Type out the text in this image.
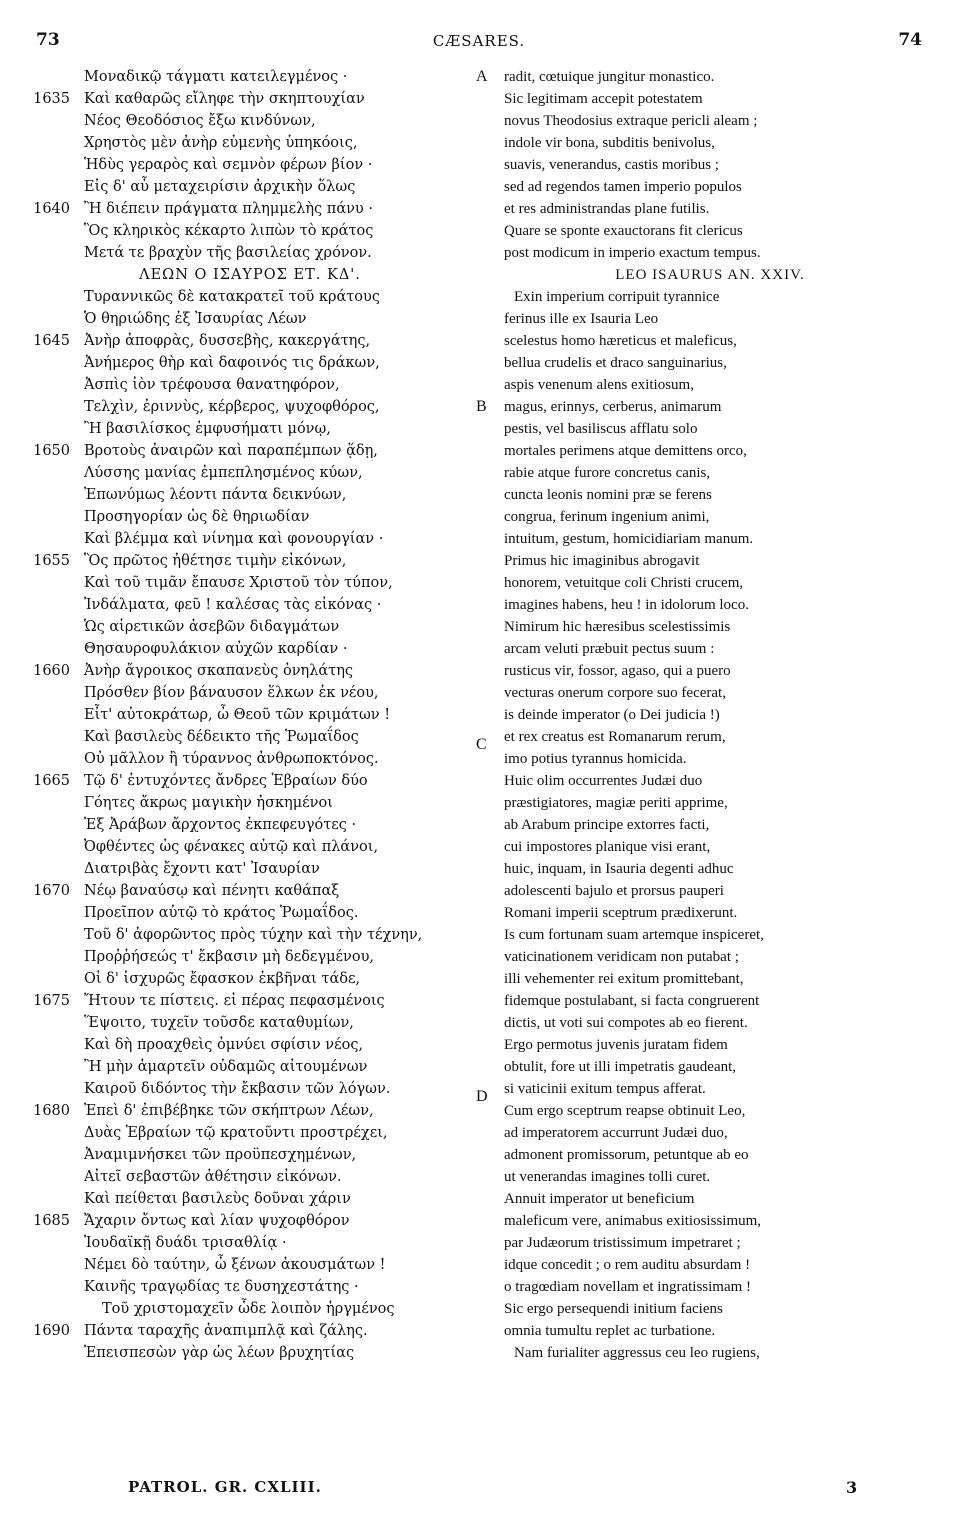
73	CÆSARES.	74
Μοναδικῷ τάγματι κατειλεγμένος ·
1635 Καὶ καθαρῶς εἴληφε τὴν σκηπτουχίαν
Νέος Θεοδόσιος ἔξω κινδύνων,
Χρηστὸς μὲν ἀνὴρ εὐμενὴς ὑπηκόοις,
Ἡδὺς γεραρὸς καὶ σεμνὸν φέρων βίον ·
Εἰς δ' αὖ μεταχειρίσιν ἀρχικὴν ὅλως
1640 Ἢ διέπειν πράγματα πλημμελὴς πάνυ ·
Ὃς κληρικὸς κέκαρτο λιπὼν τὸ κράτος
Μετά τε βραχὺν τῆς βασιλείας χρόνον.
ΛΕΩΝ Ο ΙΣΑΥΡΟΣ ΕΤ. ΚΔ'.
Τυραννικῶς δὲ κατακρατεῖ τοῦ κράτους
Ὁ θηριώδης ἐξ Ἰσαυρίας Λέων
1645 Ἀνὴρ ἀποφρὰς, δυσσεβὴς, κακεργάτης,
Ἀνήμερος θὴρ καὶ δαφοινός τις δράκων,
Ἀσπὶς ἰὸν τρέφουσα θανατηφόρον,
Τελχὶν, ἐριννὺς, κέρβερος, ψυχοφθόρος,
Ἢ βασιλίσκος ἐμφυσήματι μόνῳ,
1650 Βροτοὺς ἀναιρῶν καὶ παραπέμπων ᾅδῃ,
Λύσσης μανίας ἐμπεπλησμένος κύων,
Ἐπωνύμως λέοντι πάντα δεικνύων,
Προσηγορίαν ὡς δὲ θηριωδίαν
Καὶ βλέμμα καὶ νίνημα καὶ φονουργίαν ·
1655 Ὃς πρῶτος ἠθέτησε τιμὴν εἰκόνων,
Καὶ τοῦ τιμᾶν ἔπαυσε Χριστοῦ τὸν τύπον,
Ἰνδάλματα, φεῦ ! καλέσας τὰς εἰκόνας ·
Ὡς αἱρετικῶν ἀσεβῶν διδαγμάτων
Θησαυροφυλάκιον αὐχῶν καρδίαν ·
1660 Ἀνὴρ ἄγροικος σκαπανεὺς ὀνηλάτης
Πρόσθεν βίον βάναυσον ἕλκων ἐκ νέου,
Εἶτ' αὐτοκράτωρ, ὦ Θεοῦ τῶν κριμάτων !
Καὶ βασιλεὺς δέδεικτο τῆς Ῥωμαΐδος
Οὐ μᾶλλον ἢ τύραννος ἀνθρωποκτόνος.
1665 Τῷ δ' ἐντυχόντες ἄνδρες Ἑβραίων δύο
Γόητες ἄκρως μαγικὴν ἠσκημένοι
Ἐξ Ἀράβων ἄρχοντος ἐκπεφευγότες ·
Ὀφθέντες ὡς φένακες αὐτῷ καὶ πλάνοι,
Διατριβὰς ἔχοντι κατ' Ἰσαυρίαν
1670 Νέῳ βαναύσῳ καὶ πένητι καθάπαξ
Προεῖπον αὐτῷ τὸ κράτος Ῥωμαΐδος.
Τοῦ δ' ἀφορῶντος πρὸς τύχην καὶ τὴν τέχνην,
Προῤῥήσεώς τ' ἔκβασιν μὴ δεδεγμένου,
Οἱ δ' ἰσχυρῶς ἔφασκον ἐκβῆναι τάδε,
1675 Ἤτουν τε πίστεις. εἰ πέρας πεφασμένοις
Ἕψοιτο, τυχεῖν τοῦσδε καταθυμίων,
Καὶ δὴ προαχθεὶς ὀμνύει σφίσιν νέος,
Ἢ μὴν ἁμαρτεῖν οὐδαμῶς αἰτουμένων
Καιροῦ διδόντος τὴν ἔκβασιν τῶν λόγων.
1680 Ἐπεὶ δ' ἐπιβέβηκε τῶν σκήπτρων Λέων,
Δυὰς Ἑβραίων τῷ κρατοῦντι προστρέχει,
Ἀναμιμνήσκει τῶν προϋπεσχημένων,
Αἰτεῖ σεβαστῶν ἀθέτησιν εἰκόνων.
Καὶ πείθεται βασιλεὺς δοῦναι χάριν
1685 Ἄχαριν ὄντως καὶ λίαν ψυχοφθόρον
Ἰουδαϊκῇ δυάδι τρισαθλίᾳ ·
Νέμει δὸ ταύτην, ὦ ξένων ἀκουσμάτων !
Καινῆς τραγῳδίας τε δυσηχεστάτης ·
Τοῦ χριστομαχεῖν ὧδε λοιπὸν ἠργμένος
1690 Πάντα ταραχῆς ἀναπιμπλᾷ καὶ ζάλης.
Ἐπεισπεσὼν γὰρ ὡς λέων βρυχητίας
A radit, cœtuique jungitur monastico.
Sic legitimam accepit potestatem
novus Theodosius extraque pericli aleam ;
indole vir bona, subditis benivolus,
suavis, venerandus, castis moribus ;
sed ad regendos tamen imperio populos
et res administrandas plane futilis.
Quare se sponte exauctorans fit clericus
post modicum in imperio exactum tempus.
LEO ISAURUS AN. XXIV.
Exin imperium corripuit tyrannice
ferinus ille ex Isauria Leo
scelestus homo hæreticus et maleficus,
bellua crudelis et draco sanguinarius,
aspis venenum alens exitiosum,
B magus, erinnys, cerberus, animarum
pestis, vel basiliscus afflatu solo
mortales perimens atque demittens orco,
rabie atque furore concretus canis,
cuncta leonis nomini præ se ferens
congrua, ferinum ingenium animi,
intuitum, gestum, homicidiariam manum.
Primus hic imaginibus abrogavit
honorem, vetuitque coli Christi crucem,
imagines habens, heu ! in idolorum loco.
Nimirum hic hæresibus scelestissimis
arcam veluti præbuit pectus suum :
rusticus vir, fossor, agaso, qui a puero
vecturas onerum corpore suo fecerat,
is deinde imperator (o Dei judicia !)
C et rex creatus est Romanarum rerum,
imo potius tyrannus homicida.
Huic olim occurrentes Judæi duo
præstigiatores, magiæ periti apprime,
ab Arabum principe extorres facti,
cui impostores planique visi erant,
huic, inquam, in Isauria degenti adhuc
adolescenti bajulo et prorsus pauperi
Romani imperii sceptrum prædixerunt.
Is cum fortunam suam artemque inspiceret,
vaticinationem veridicam non putabat ;
illi vehementer rei exitum promittebant,
fidemque postulabant, si facta congruerent
dictis, ut voti sui compotes ab eo fierent.
Ergo permotus juvenis juratam fidem
obtulit, fore ut illi impetratis gaudeant,
D si vaticinii exitum tempus afferat.
Cum ergo sceptrum reapse obtinuit Leo,
ad imperatorem accurrunt Judæi duo,
admonent promissorum, petuntque ab eo
ut venerandas imagines tolli curet.
Annuit imperator ut beneficium
maleficum vere, animabus exitiosissimum,
par Judæorum tristissimum impetraret ;
idque concedit ; o rem auditu absurdam !
o tragœdiam novellam et ingratissimam !
Sic ergo persequendi initium faciens
omnia tumultu replet ac turbatione.
Nam furialiter aggressus ceu leo rugiens,
PATROL. GR. CXLIII.	3
